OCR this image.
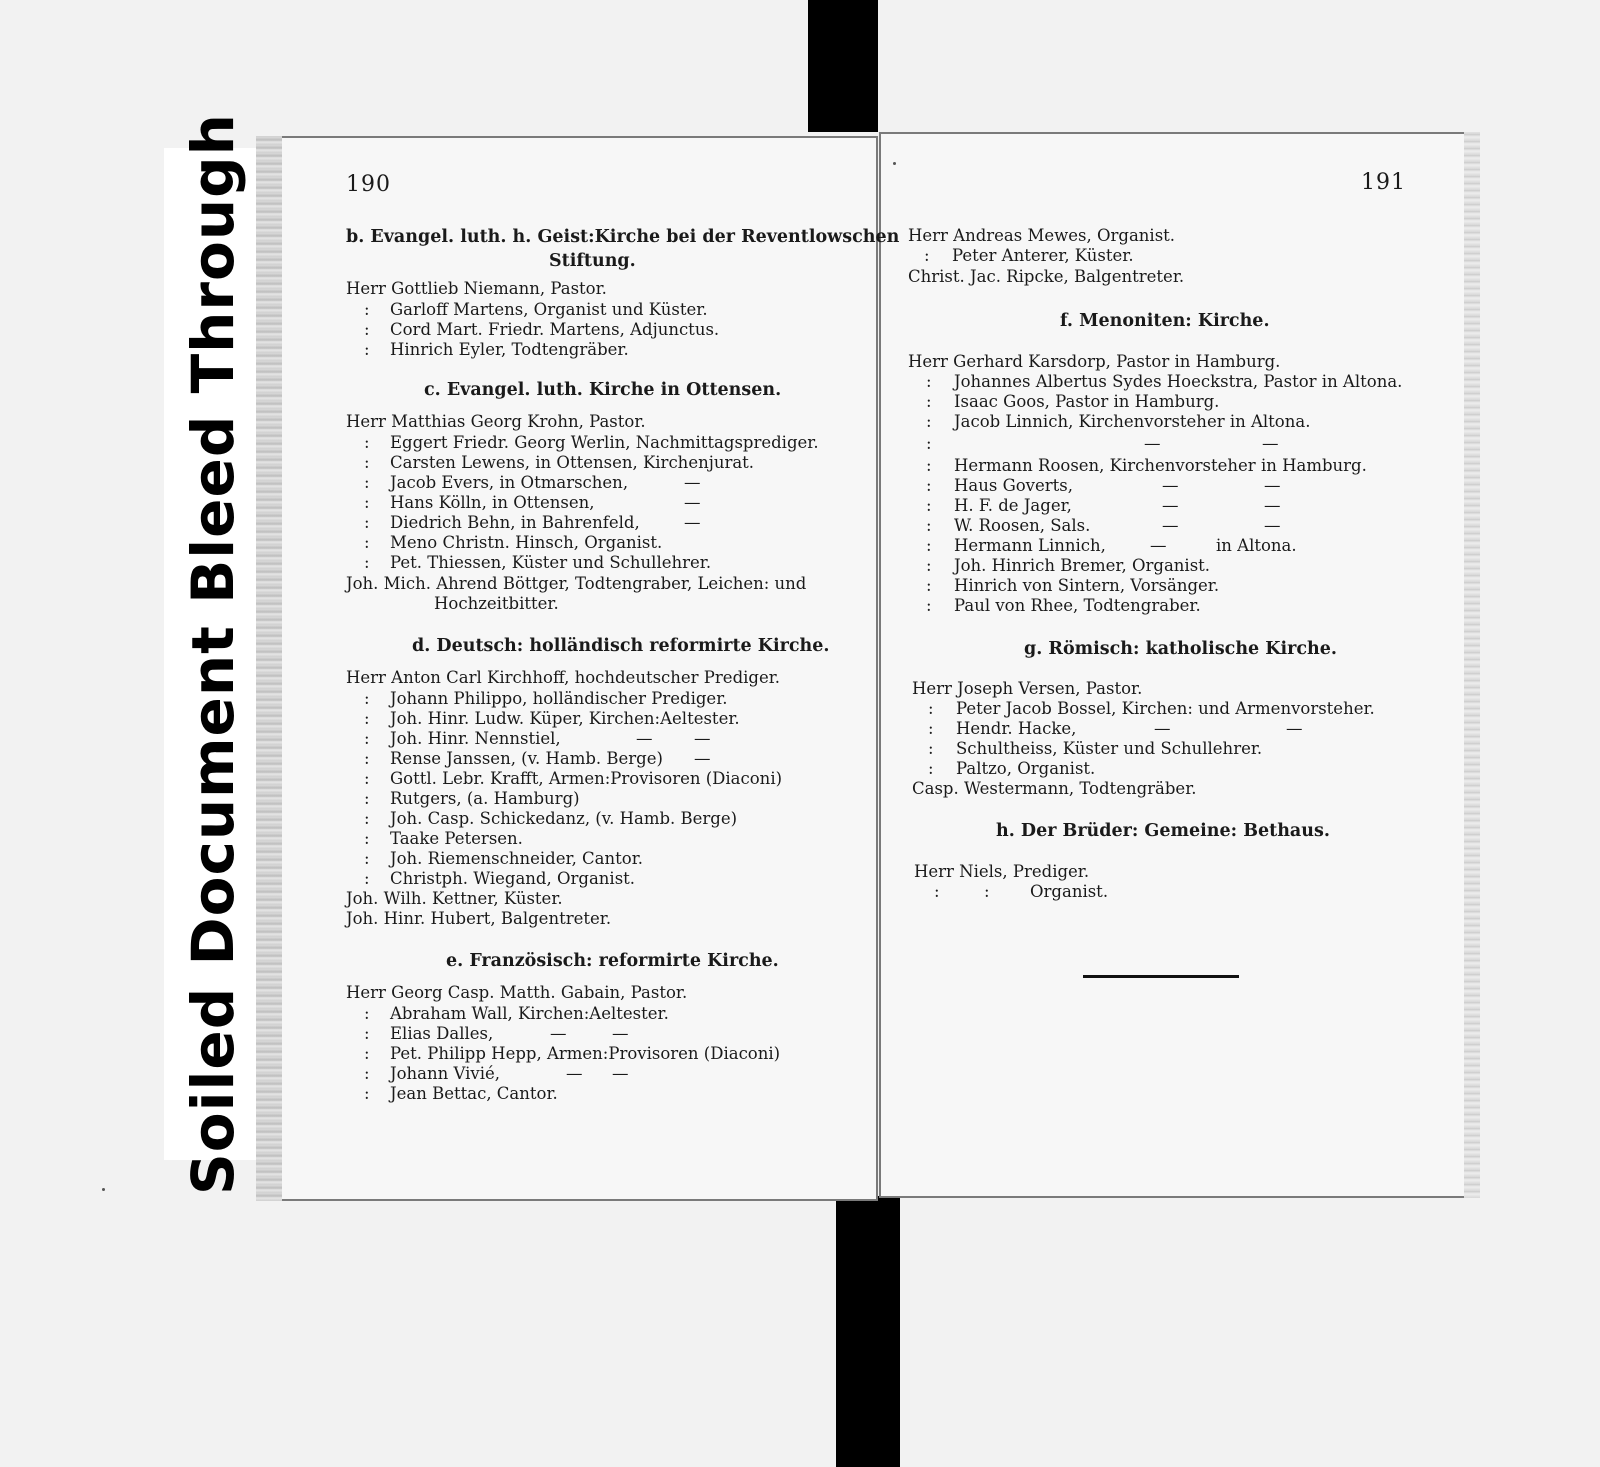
Soiled Document Bleed Through	190	191
b. Evangel. luth. h. Geist:Kirche bei der Reventlowschen
Stiftung.
Herr Gottlieb Niemann, Pastor.
: Garloff Martens, Organist und Küster.
: Cord Mart. Friedr. Martens, Adjunctus.
: Hinrich Eyler, Todtengräber.
c. Evangel. luth. Kirche in Ottensen.
Herr Matthias Georg Krohn, Pastor.
: Eggert Friedr. Georg Werlin, Nachmittagsprediger.
: Carsten Lewens, in Ottensen, Kirchenjurat.
: Jacob Evers, in Otmarschen,	—
: Hans Kölln, in Ottensen,	—
: Diedrich Behn, in Bahrenfeld,	—
: Meno Christn. Hinsch, Organist.
: Pet. Thiessen, Küster und Schullehrer.
Joh. Mich. Ahrend Böttger, Todtengraber, Leichen: und
Hochzeitbitter.
d. Deutsch: holländisch reformirte Kirche.
Herr Anton Carl Kirchhoff, hochdeutscher Prediger.
: Johann Philippo, holländischer Prediger.
: Joh. Hinr. Ludw. Küper, Kirchen:Aeltester.
: Joh. Hinr. Nennstiel,	—	—
: Rense Janssen, (v. Hamb. Berge) —
: Gottl. Lebr. Krafft, Armen:Provisoren (Diaconi)
: Rutgers, (a. Hamburg)
: Joh. Casp. Schickedanz, (v. Hamb. Berge)
: Taake Petersen.
: Joh. Riemenschneider, Cantor.
: Christph. Wiegand, Organist.
Joh. Wilh. Kettner, Küster.
Joh. Hinr. Hubert, Balgentreter.
e. Französisch: reformirte Kirche.
Herr Georg Casp. Matth. Gabain, Pastor.
: Abraham Wall, Kirchen:Aeltester.
: Elias Dalles,	—	—
: Pet. Philipp Hepp, Armen:Provisoren (Diaconi)
: Johann Vivié,	— —
: Jean Bettac, Cantor.
Herr Andreas Mewes, Organist.
: Peter Anterer, Küster.
Christ. Jac. Ripcke, Balgentreter.
f. Menoniten: Kirche.
Herr Gerhard Karsdorp, Pastor in Hamburg.
: Johannes Albertus Sydes Hoeckstra, Pastor in Altona.
: Isaac Goos, Pastor in Hamburg.
: Jacob Linnich, Kirchenvorsteher in Altona.
:	—	—
: Hermann Roosen, Kirchenvorsteher in Hamburg.
: Haus Goverts,	—	—
: H. F. de Jager,	—	—
: W. Roosen, Sals.	—	—
: Hermann Linnich,	—	in Altona.
: Joh. Hinrich Bremer, Organist.
: Hinrich von Sintern, Vorsänger.
: Paul von Rhee, Todtengraber.
g. Römisch: katholische Kirche.
Herr Joseph Versen, Pastor.
: Peter Jacob Bossel, Kirchen: und Armenvorsteher.
: Hendr. Hacke,	—	—
: Schultheiss, Küster und Schullehrer.
: Paltzo, Organist.
Casp. Westermann, Todtengräber.
h. Der Brüder: Gemeine: Bethaus.
Herr Niels, Prediger.
:	: Organist.
